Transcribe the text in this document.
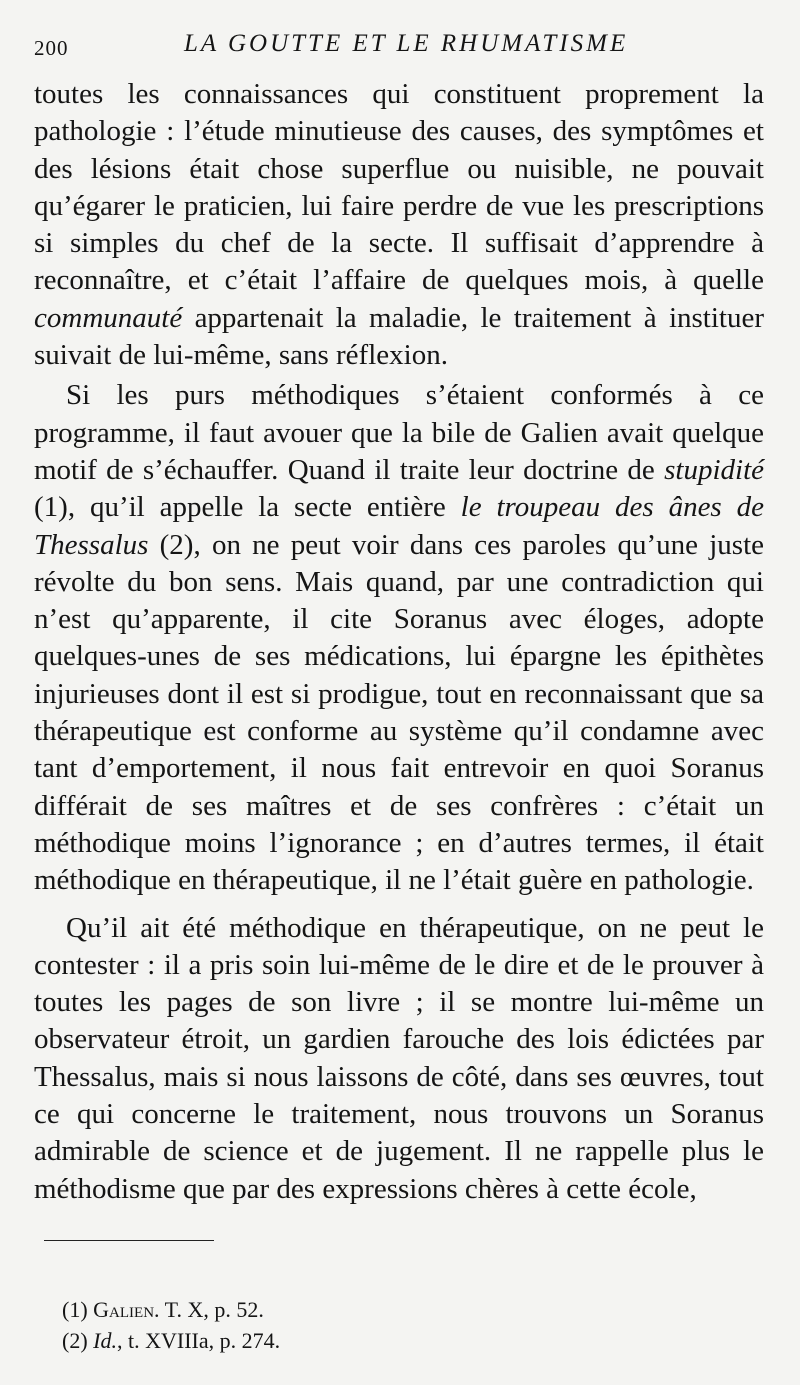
200	LA GOUTTE ET LE RHUMATISME

toutes les connaissances qui constituent proprement la pathologie : l’étude minutieuse des causes, des symptômes et des lésions était chose superflue ou nuisible, ne pouvait qu’égarer le praticien, lui faire perdre de vue les prescriptions si simples du chef de la secte. Il suffisait d’apprendre à reconnaître, et c’était l’affaire de quelques mois, à quelle communauté appartenait la maladie, le traitement à instituer suivait de lui-même, sans réflexion.

Si les purs méthodiques s’étaient conformés à ce programme, il faut avouer que la bile de Galien avait quelque motif de s’échauffer. Quand il traite leur doctrine de stupidité (1), qu’il appelle la secte entière le troupeau des ânes de Thessalus (2), on ne peut voir dans ces paroles qu’une juste révolte du bon sens. Mais quand, par une contradiction qui n’est qu’apparente, il cite Soranus avec éloges, adopte quelques-unes de ses médications, lui épargne les épithètes injurieuses dont il est si prodigue, tout en reconnaissant que sa thérapeutique est conforme au système qu’il condamne avec tant d’emportement, il nous fait entrevoir en quoi Soranus différait de ses maîtres et de ses confrères : c’était un méthodique moins l’ignorance ; en d’autres termes, il était méthodique en thérapeutique, il ne l’était guère en pathologie.

Qu’il ait été méthodique en thérapeutique, on ne peut le contester : il a pris soin lui-même de le dire et de le prouver à toutes les pages de son livre ; il se montre lui-même un observateur étroit, un gardien farouche des lois édictées par Thessalus, mais si nous laissons de côté, dans ses œuvres, tout ce qui concerne le traitement, nous trouvons un Soranus admirable de science et de jugement. Il ne rappelle plus le méthodisme que par des expressions chères à cette école,

(1) Galien. T. X, p. 52.
(2) Id., t. XVIIIa, p. 274.
